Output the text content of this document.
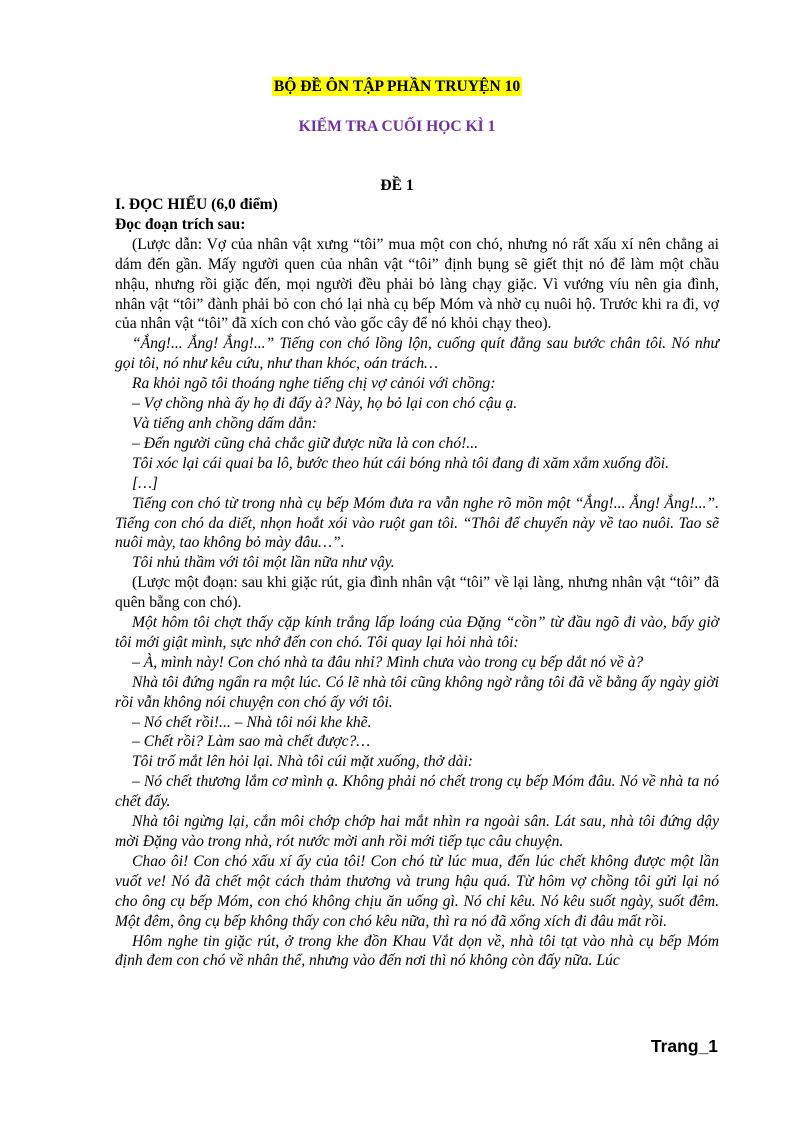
BỘ ĐỀ ÔN TẬP PHẦN TRUYỆN 10
KIỂM TRA CUỐI HỌC KÌ 1
ĐỀ 1

I. ĐỌC HIỂU (6,0 điểm)

Đọc đoạn trích sau:

(Lược dẫn: Vợ của nhân vật xưng “tôi” mua một con chó, nhưng nó rất xấu xí nên chẳng ai dám đến gần. Mấy người quen của nhân vật “tôi” định bụng sẽ giết thịt nó để làm một chầu nhậu, nhưng rồi giặc đến, mọi người đều phải bỏ làng chạy giặc. Vì vướng víu nên gia đình, nhân vật “tôi” đành phải bỏ con chó lại nhà cụ bếp Móm và nhờ cụ nuôi hộ. Trước khi ra đi, vợ của nhân vật “tôi” đã xích con chó vào gốc cây để nó khỏi chạy theo).

“Ắng!... Ắng! Ắng!...” Tiếng con chó lồng lộn, cuống quít đằng sau bước chân tôi. Nó như gọi tôi, nó như kêu cứu, như than khóc, oán trách…

Ra khỏi ngõ tôi thoáng nghe tiếng chị vợ cảnói với chồng:

– Vợ chồng nhà ấy họ đi đấy à? Này, họ bỏ lại con chó cậu ạ.

Và tiếng anh chồng dấm dẳn:

– Đến người cũng chả chắc giữ được nữa là con chó!...

Tôi xóc lại cái quai ba lô, bước theo hút cái bóng nhà tôi đang đi xăm xắm xuống đồi.

[…]

Tiếng con chó từ trong nhà cụ bếp Móm đưa ra vẫn nghe rõ mồn một “Ắng!... Ắng! Ắng!...”. Tiếng con chó da diết, nhọn hoắt xói vào ruột gan tôi. “Thôi để chuyến này về tao nuôi. Tao sẽ nuôi mày, tao không bỏ mày đâu…”.

Tôi nhủ thầm với tôi một lần nữa như vậy.

(Lược một đoạn: sau khi giặc rút, gia đình nhân vật “tôi” về lại làng, nhưng nhân vật “tôi” đã quên bẵng con chó).

Một hôm tôi chợt thấy cặp kính trắng lấp loáng của Đặng “cồn” từ đầu ngõ đi vào, bấy giờ tôi mới giật mình, sực nhớ đến con chó. Tôi quay lại hỏi nhà tôi:

– À, mình này! Con chó nhà ta đâu nhỉ? Mình chưa vào trong cụ bếp dắt nó về à?

Nhà tôi đứng ngẩn ra một lúc. Có lẽ nhà tôi cũng không ngờ rằng tôi đã về bằng ấy ngày giời rồi vẫn không nói chuyện con chó ấy với tôi.

– Nó chết rồi!... – Nhà tôi nói khe khẽ.

– Chết rồi? Làm sao mà chết được?…

Tôi trố mắt lên hỏi lại. Nhà tôi cúi mặt xuống, thở dài:

– Nó chết thương lắm cơ mình ạ. Không phải nó chết trong cụ bếp Móm đâu. Nó về nhà ta nó chết đấy.

Nhà tôi ngừng lại, cắn môi chớp chớp hai mắt nhìn ra ngoài sân. Lát sau, nhà tôi đứng dậy mời Đặng vào trong nhà, rót nước mời anh rồi mới tiếp tục câu chuyện.

Chao ôi! Con chó xấu xí ấy của tôi! Con chó từ lúc mua, đến lúc chết không được một lần vuốt ve! Nó đã chết một cách thảm thương và trung hậu quá. Từ hôm vợ chồng tôi gửi lại nó cho ông cụ bếp Móm, con chó không chịu ăn uống gì. Nó chỉ kêu. Nó kêu suốt ngày, suốt đêm. Một đêm, ông cụ bếp không thấy con chó kêu nữa, thì ra nó đã xổng xích đi đâu mất rồi.

Hôm nghe tin giặc rút, ở trong khe đồn Khau Vắt dọn về, nhà tôi tạt vào nhà cụ bếp Móm định đem con chó về nhân thể, nhưng vào đến nơi thì nó không còn đấy nữa. Lúc

Trang_1
